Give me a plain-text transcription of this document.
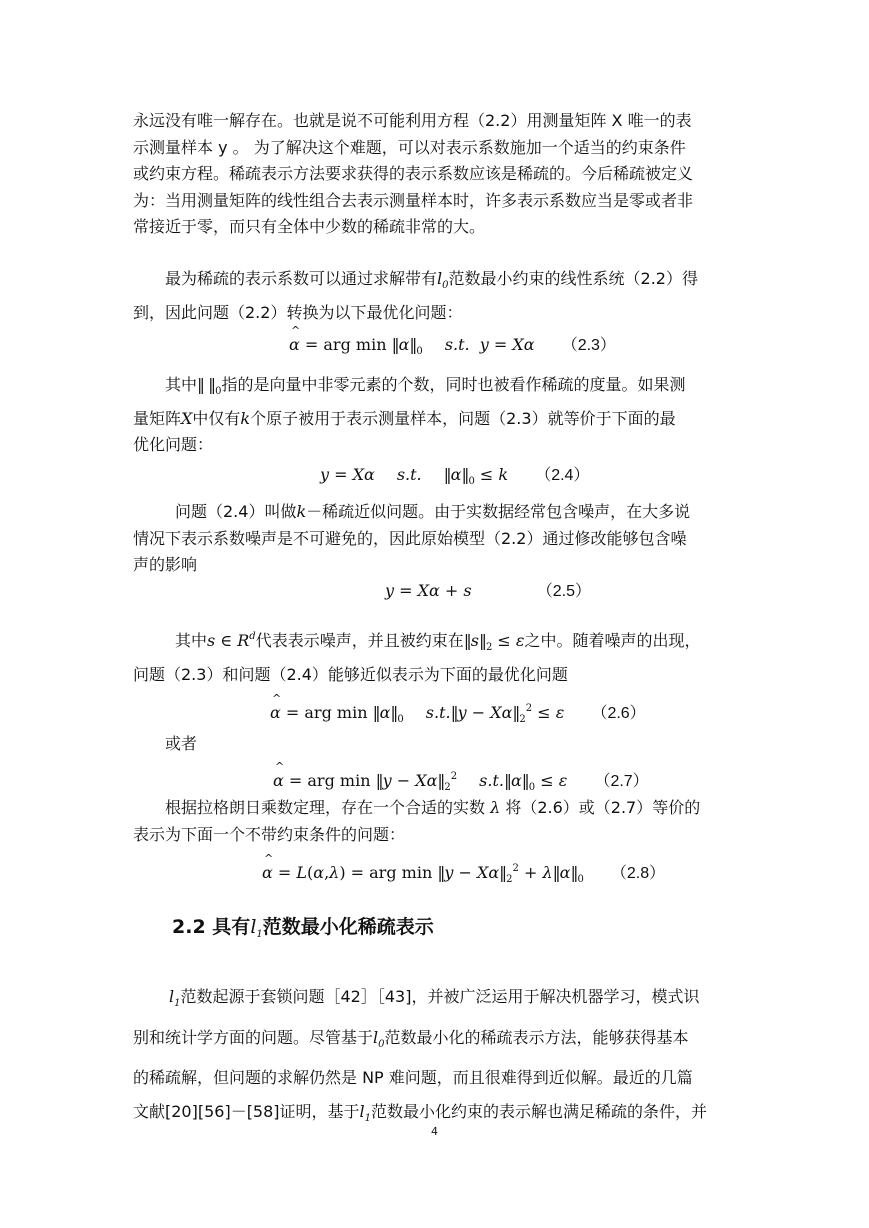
永远没有唯一解存在。也就是说不可能利用方程（2.2）用测量矩阵 X 唯一的表
示测量样本 y 。 为了解决这个难题，可以对表示系数施加一个适当的约束条件
或约束方程。稀疏表示方法要求获得的表示系数应该是稀疏的。今后稀疏被定义
为：当用测量矩阵的线性组合去表示测量样本时，许多表示系数应当是零或者非
常接近于零，而只有全体中少数的稀疏非常的大。
最为稀疏的表示系数可以通过求解带有$l_0$范数最小约束的线性系统（2.2）得
到，因此问题（2.2）转换为以下最优化问题：
^ α = arg $\min ‖\alpha‖_0$ s.t. y = Xα （2.3）
其中‖ $‖_0$指的是向量中非零元素的个数，同时也被看作稀疏的度量。如果测
量矩阵X中仅有k个原子被用于表示测量样本，问题（2.3）就等价于下面的最
优化问题：
y = Xα s.t. $‖\alpha‖_0 \le k$ （2.4）
问题（2.4）叫做k－稀疏近似问题。由于实数据经常包含噪声，在大多说
情况下表示系数噪声是不可避免的，因此原始模型（2.2）通过修改能够包含噪
声的影响
y = Xα + s	（2.5）
其中s ∈ $R^d$代表表示噪声，并且被约束在$‖s‖_2 \le \varepsilon$之中。随着噪声的出现，
问题（2.3）和问题（2.4）能够近似表示为下面的最优化问题
^ α = arg $\min ‖\alpha‖_0$ s.t.‖y − $X\alpha‖_2^2 \le \varepsilon$ （2.6）
或者
^ α = arg min ‖y − $X\alpha‖_2^2$ $s.t.‖\alpha‖_0 \le \varepsilon$ （2.7）
根据拉格朗日乘数定理，存在一个合适的实数 λ 将（2.6）或（2.7）等价的
表示为下面一个不带约束条件的问题：
^ α = L(α,λ) = arg min ‖y − $X\alpha‖_2^2$ + $\lambda‖\alpha‖_0$ （2.8）
2.2 具有$l_1$范数最小化稀疏表示
$l_1$范数起源于套锁问题［42］［43]，并被广泛运用于解决机器学习，模式识
别和统计学方面的问题。尽管基于$l_0$范数最小化的稀疏表示方法，能够获得基本
的稀疏解，但问题的求解仍然是 NP 难问题，而且很难得到近似解。最近的几篇
文献[20][56]－[58]证明，基于$l_1$范数最小化约束的表示解也满足稀疏的条件，并
4
